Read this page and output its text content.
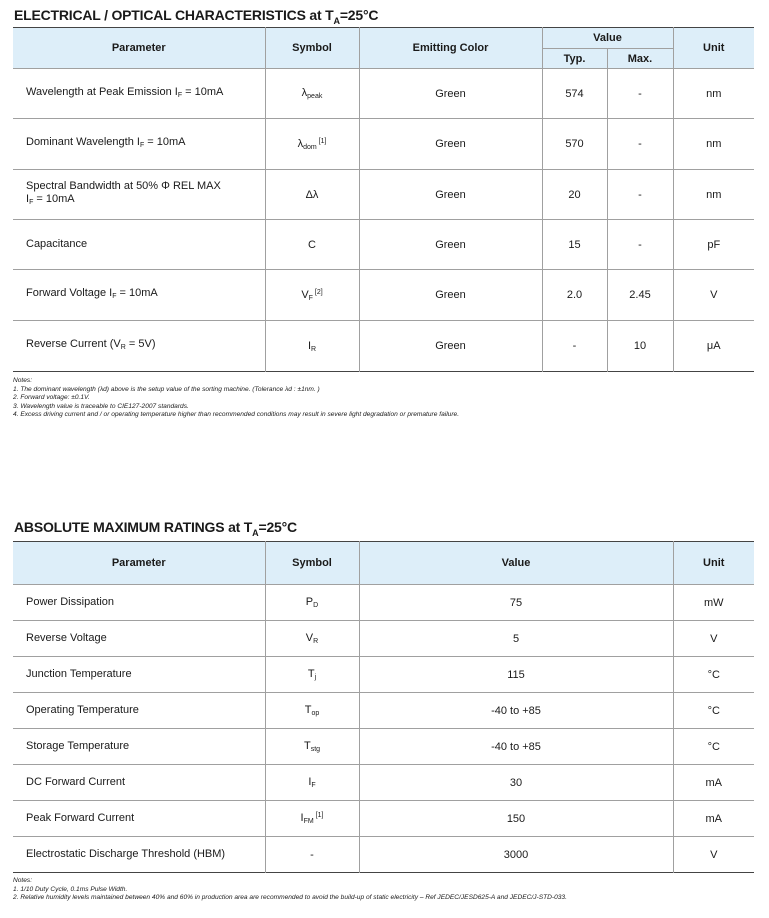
ELECTRICAL / OPTICAL CHARACTERISTICS at $T_A=25^\circ C$
Parameter	Symbol	Emitting Color	Value		Unit
			Typ.	Max.	
Wavelength at Peak Emission $I_F = 10mA$	$\lambda_{peak}$	Green	574	-	nm
Dominant Wavelength $I_F = 10mA$	$\lambda_{dom}$ [1]	Green	570	-	nm
Spectral Bandwidth at 50% Φ REL MAX
$I_F = 10mA$	Δλ	Green	20	-	nm
Capacitance	C	Green	15	-	pF
Forward Voltage $I_F = 10mA$	$V_F$ [2]	Green	2.0	2.45	V
Reverse Current $(V_R = 5V)$	$I_R$	Green	-	10	μA
Notes:
1. The dominant wavelength (λd) above is the setup value of the sorting machine. (Tolerance λd : ±1nm. )
2. Forward voltage: ±0.1V.
3. Wavelength value is traceable to CIE127-2007 standards.
4. Excess driving current and / or operating temperature higher than recommended conditions may result in severe light degradation or premature failure.
ABSOLUTE MAXIMUM RATINGS at $T_A=25^\circ C$
Parameter	Symbol	Value	Unit
Power Dissipation	$P_D$	75	mW
Reverse Voltage	$V_R$	5	V
Junction Temperature	$T_j$	115	°C
Operating Temperature	$T_{op}$	-40 to +85	°C
Storage Temperature	$T_{stg}$	-40 to +85	°C
DC Forward Current	$I_F$	30	mA
Peak Forward Current	$I_{FM}$ [1]	150	mA
Electrostatic Discharge Threshold (HBM)	-	3000	V
Notes:
1. 1/10 Duty Cycle, 0.1ms Pulse Width.
2. Relative humidity levels maintained between 40% and 60% in production area are recommended to avoid the build-up of static electricity – Ref JEDEC/JESD625-A and JEDEC/J-STD-033.
